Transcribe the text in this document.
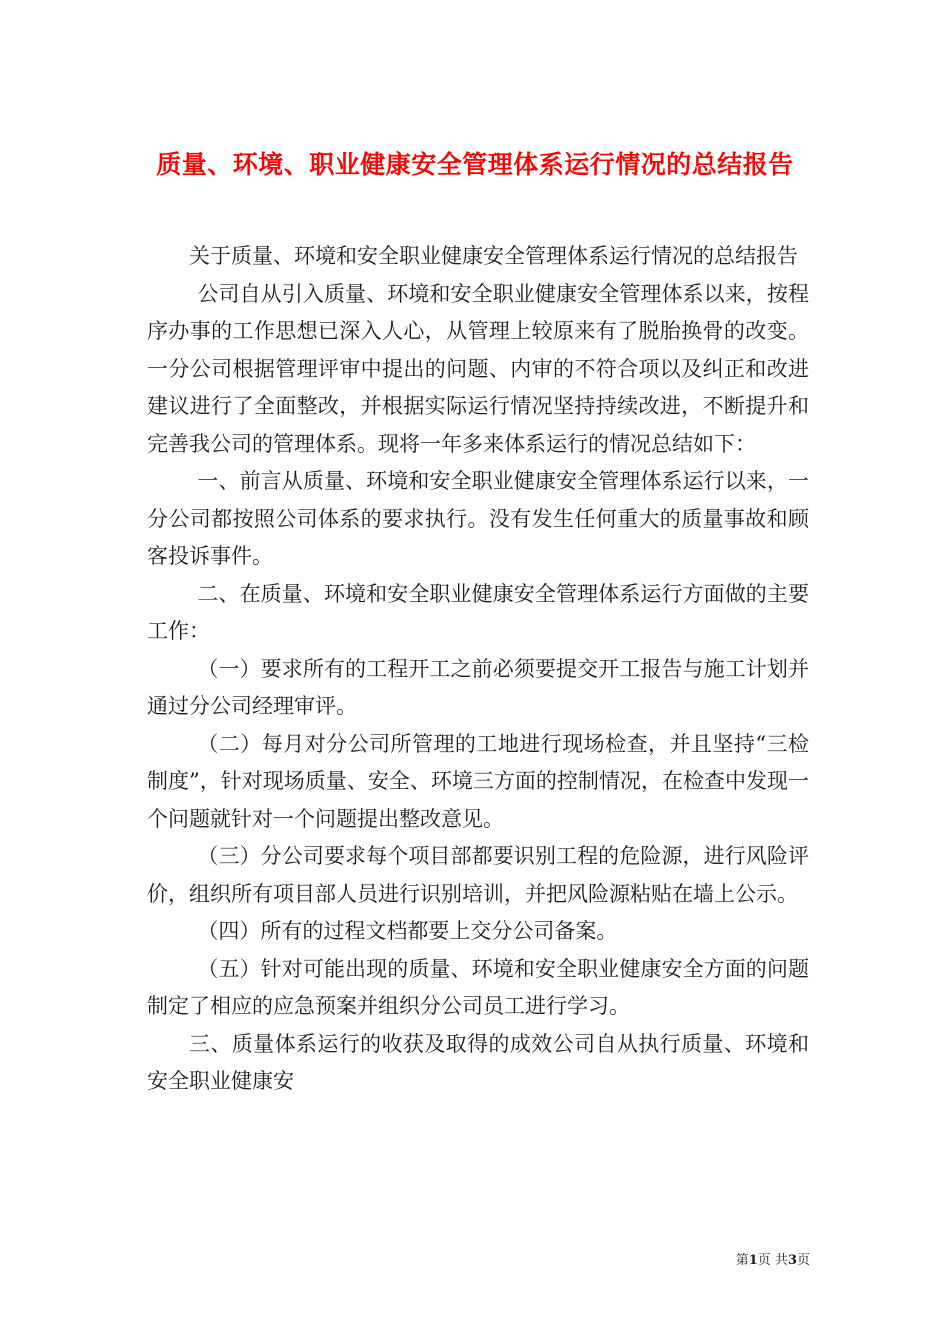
质量、环境、职业健康安全管理体系运行情况的总结报告

关于质量、环境和安全职业健康安全管理体系运行情况的总结报告

公司自从引入质量、环境和安全职业健康安全管理体系以来，按程序办事的工作思想已深入人心，从管理上较原来有了脱胎换骨的改变。一分公司根据管理评审中提出的问题、内审的不符合项以及纠正和改进建议进行了全面整改，并根据实际运行情况坚持持续改进，不断提升和完善我公司的管理体系。现将一年多来体系运行的情况总结如下：

一、前言从质量、环境和安全职业健康安全管理体系运行以来，一分公司都按照公司体系的要求执行。没有发生任何重大的质量事故和顾客投诉事件。

二、在质量、环境和安全职业健康安全管理体系运行方面做的主要工作：

（一）要求所有的工程开工之前必须要提交开工报告与施工计划并通过分公司经理审评。

（二）每月对分公司所管理的工地进行现场检查，并且坚持“三检制度”，针对现场质量、安全、环境三方面的控制情况，在检查中发现一个问题就针对一个问题提出整改意见。

（三）分公司要求每个项目部都要识别工程的危险源，进行风险评价，组织所有项目部人员进行识别培训，并把风险源粘贴在墙上公示。

（四）所有的过程文档都要上交分公司备案。

（五）针对可能出现的质量、环境和安全职业健康安全方面的问题制定了相应的应急预案并组织分公司员工进行学习。

三、质量体系运行的收获及取得的成效公司自从执行质量、环境和安全职业健康安

第1页 共3页
